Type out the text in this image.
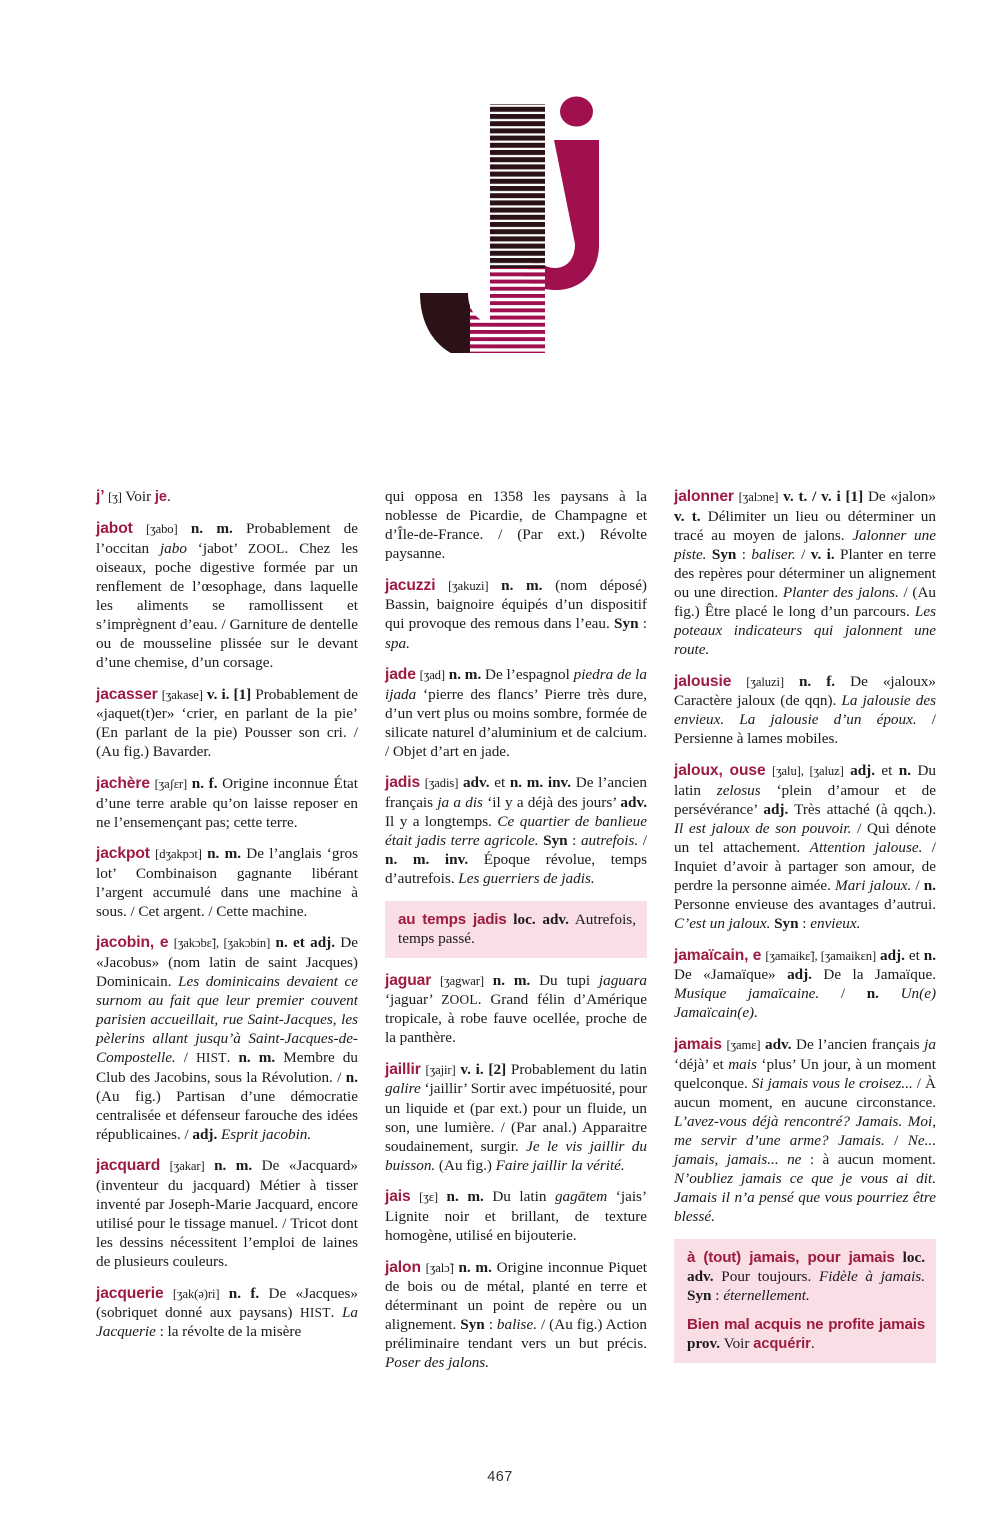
j’ [ʒ] Voir je.

jabot [ʒabo] n. m. Probablement de l’occitan jabo ‘jabot’ ZOOL. Chez les oiseaux, poche digestive formée par un renflement de l’œsophage, dans laquelle les aliments se ramollissent et s’imprègnent d’eau. / Garniture de dentelle ou de mousseline plissée sur le devant d’une chemise, d’un corsage.

jacasser [ʒakase] v. i. [1] Probablement de «jaquet(t)er» ‘crier, en parlant de la pie’ (En parlant de la pie) Pousser son cri. / (Au fig.) Bavarder.

jachère [ʒaʃɛr] n. f. Origine inconnue État d’une terre arable qu’on laisse reposer en ne l’ensemençant pas; cette terre.

jackpot [dʒakpɔt] n. m. De l’anglais ‘gros lot’ Combinaison gagnante libérant l’argent accumulé dans une machine à sous. / Cet argent. / Cette machine.

jacobin, e [ʒakɔbɛ̃], [ʒakɔbin] n. et adj. De «Jacobus» (nom latin de saint Jacques) Dominicain. Les dominicains devaient ce surnom au fait que leur premier couvent parisien accueillait, rue Saint-Jacques, les pèlerins allant jusqu’à Saint-Jacques-de-Compostelle. / HIST. n. m. Membre du Club des Jacobins, sous la Révolution. / n. (Au fig.) Partisan d’une démocratie centralisée et défenseur farouche des idées républicaines. / adj. Esprit jacobin.

jacquard [ʒakar] n. m. De «Jacquard» (inventeur du jacquard) Métier à tisser inventé par Joseph-Marie Jacquard, encore utilisé pour le tissage manuel. / Tricot dont les dessins nécessitent l’emploi de laines de plusieurs couleurs.

jacquerie [ʒak(ə)ri] n. f. De «Jacques» (sobriquet donné aux paysans) HIST. La Jacquerie : la révolte de la misère

qui opposa en 1358 les paysans à la noblesse de Picardie, de Champagne et d’Île-de-France. / (Par ext.) Révolte paysanne.

jacuzzi [ʒakuzi] n. m. (nom déposé) Bassin, baignoire équipés d’un dispositif qui provoque des remous dans l’eau. Syn : spa.

jade [ʒad] n. m. De l’espagnol piedra de la ijada ‘pierre des flancs’ Pierre très dure, d’un vert plus ou moins sombre, formée de silicate naturel d’aluminium et de calcium. / Objet d’art en jade.

jadis [ʒadis] adv. et n. m. inv. De l’ancien français ja a dis ‘il y a déjà des jours’ adv. Il y a longtemps. Ce quartier de banlieue était jadis terre agricole. Syn : autrefois. / n. m. inv. Époque révolue, temps d’autrefois. Les guerriers de jadis.

au temps jadis loc. adv. Autrefois, temps passé.

jaguar [ʒagwar] n. m. Du tupi jaguara ‘jaguar’ ZOOL. Grand félin d’Amérique tropicale, à robe fauve ocellée, proche de la panthère.

jaillir [ʒajir] v. i. [2] Probablement du latin galire ‘jaillir’ Sortir avec impétuosité, pour un liquide et (par ext.) pour un fluide, un son, une lumière. / (Par anal.) Apparaitre soudainement, surgir. Je le vis jaillir du buisson. (Au fig.) Faire jaillir la vérité.

jais [ʒɛ] n. m. Du latin gagātem ‘jais’ Lignite noir et brillant, de texture homogène, utilisé en bijouterie.

jalon [ʒalɔ̃] n. m. Origine inconnue Piquet de bois ou de métal, planté en terre et déterminant un point de repère ou un alignement. Syn : balise. / (Au fig.) Action préliminaire tendant vers un but précis. Poser des jalons.

jalonner [ʒalɔne] v. t. / v. i [1] De «jalon» v. t. Délimiter un lieu ou déterminer un tracé au moyen de jalons. Jalonner une piste. Syn : baliser. / v. i. Planter en terre des repères pour déterminer un alignement ou une direction. Planter des jalons. / (Au fig.) Être placé le long d’un parcours. Les poteaux indicateurs qui jalonnent une route.

jalousie [ʒaluzi] n. f. De «jaloux» Caractère jaloux (de qqn). La jalousie des envieux. La jalousie d’un époux. / Persienne à lames mobiles.

jaloux, ouse [ʒalu], [ʒaluz] adj. et n. Du latin zelosus ‘plein d’amour et de persévérance’ adj. Très attaché (à qqch.). Il est jaloux de son pouvoir. / Qui dénote un tel attachement. Attention jalouse. / Inquiet d’avoir à partager son amour, de perdre la personne aimée. Mari jaloux. / n. Personne envieuse des avantages d’autrui. C’est un jaloux. Syn : envieux.

jamaïcain, e [ʒamaikɛ̃], [ʒamaikɛn] adj. et n. De «Jamaïque» adj. De la Jamaïque. Musique jamaïcaine. / n. Un(e) Jamaïcain(e).

jamais [ʒamɛ] adv. De l’ancien français ja ‘déjà’ et mais ‘plus’ Un jour, à un moment quelconque. Si jamais vous le croisez... / À aucun moment, en aucune circonstance. L’avez-vous déjà rencontré? Jamais. Moi, me servir d’une arme? Jamais. / Ne... jamais, jamais... ne : à aucun moment. N’oubliez jamais ce que je vous ai dit. Jamais il n’a pensé que vous pourriez être blessé.

à (tout) jamais, pour jamais loc. adv. Pour toujours. Fidèle à jamais. Syn : éternellement.

Bien mal acquis ne profite jamais prov. Voir acquérir.

467
